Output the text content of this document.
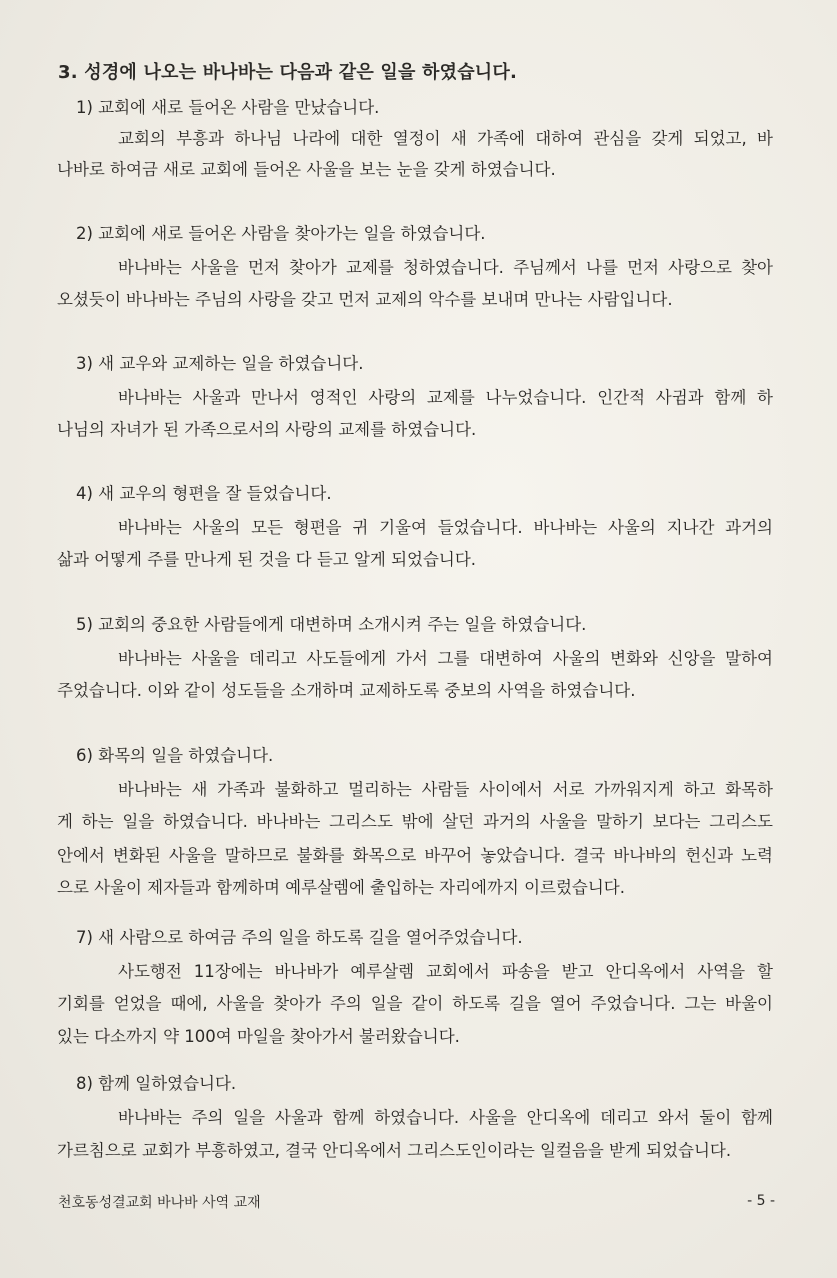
3. 성경에 나오는 바나바는 다음과 같은 일을 하였습니다.
1) 교회에 새로 들어온 사람을 만났습니다.
교회의 부흥과 하나님 나라에 대한 열정이 새 가족에 대하여 관심을 갖게 되었고, 바
나바로 하여금 새로 교회에 들어온 사울을 보는 눈을 갖게 하였습니다.
2) 교회에 새로 들어온 사람을 찾아가는 일을 하였습니다.
바나바는 사울을 먼저 찾아가 교제를 청하였습니다. 주님께서 나를 먼저 사랑으로 찾아
오셨듯이 바나바는 주님의 사랑을 갖고 먼저 교제의 악수를 보내며 만나는 사람입니다.
3) 새 교우와 교제하는 일을 하였습니다.
바나바는 사울과 만나서 영적인 사랑의 교제를 나누었습니다. 인간적 사귐과 함께 하
나님의 자녀가 된 가족으로서의 사랑의 교제를 하였습니다.
4) 새 교우의 형편을 잘 들었습니다.
바나바는 사울의 모든 형편을 귀 기울여 들었습니다. 바나바는 사울의 지나간 과거의
삶과 어떻게 주를 만나게 된 것을 다 듣고 알게 되었습니다.
5) 교회의 중요한 사람들에게 대변하며 소개시켜 주는 일을 하였습니다.
바나바는 사울을 데리고 사도들에게 가서 그를 대변하여 사울의 변화와 신앙을 말하여
주었습니다. 이와 같이 성도들을 소개하며 교제하도록 중보의 사역을 하였습니다.
6) 화목의 일을 하였습니다.
바나바는 새 가족과 불화하고 멀리하는 사람들 사이에서 서로 가까워지게 하고 화목하
게 하는 일을 하였습니다. 바나바는 그리스도 밖에 살던 과거의 사울을 말하기 보다는 그리스도
안에서 변화된 사울을 말하므로 불화를 화목으로 바꾸어 놓았습니다. 결국 바나바의 헌신과 노력
으로 사울이 제자들과 함께하며 예루살렘에 출입하는 자리에까지 이르렀습니다.
7) 새 사람으로 하여금 주의 일을 하도록 길을 열어주었습니다.
사도행전 11장에는 바나바가 예루살렘 교회에서 파송을 받고 안디옥에서 사역을 할
기회를 얻었을 때에, 사울을 찾아가 주의 일을 같이 하도록 길을 열어 주었습니다. 그는 바울이
있는 다소까지 약 100여 마일을 찾아가서 불러왔습니다.
8) 함께 일하였습니다.
바나바는 주의 일을 사울과 함께 하였습니다. 사울을 안디옥에 데리고 와서 둘이 함께
가르침으로 교회가 부흥하였고, 결국 안디옥에서 그리스도인이라는 일컬음을 받게 되었습니다.
천호동성결교회 바나바 사역 교재	- 5 -
